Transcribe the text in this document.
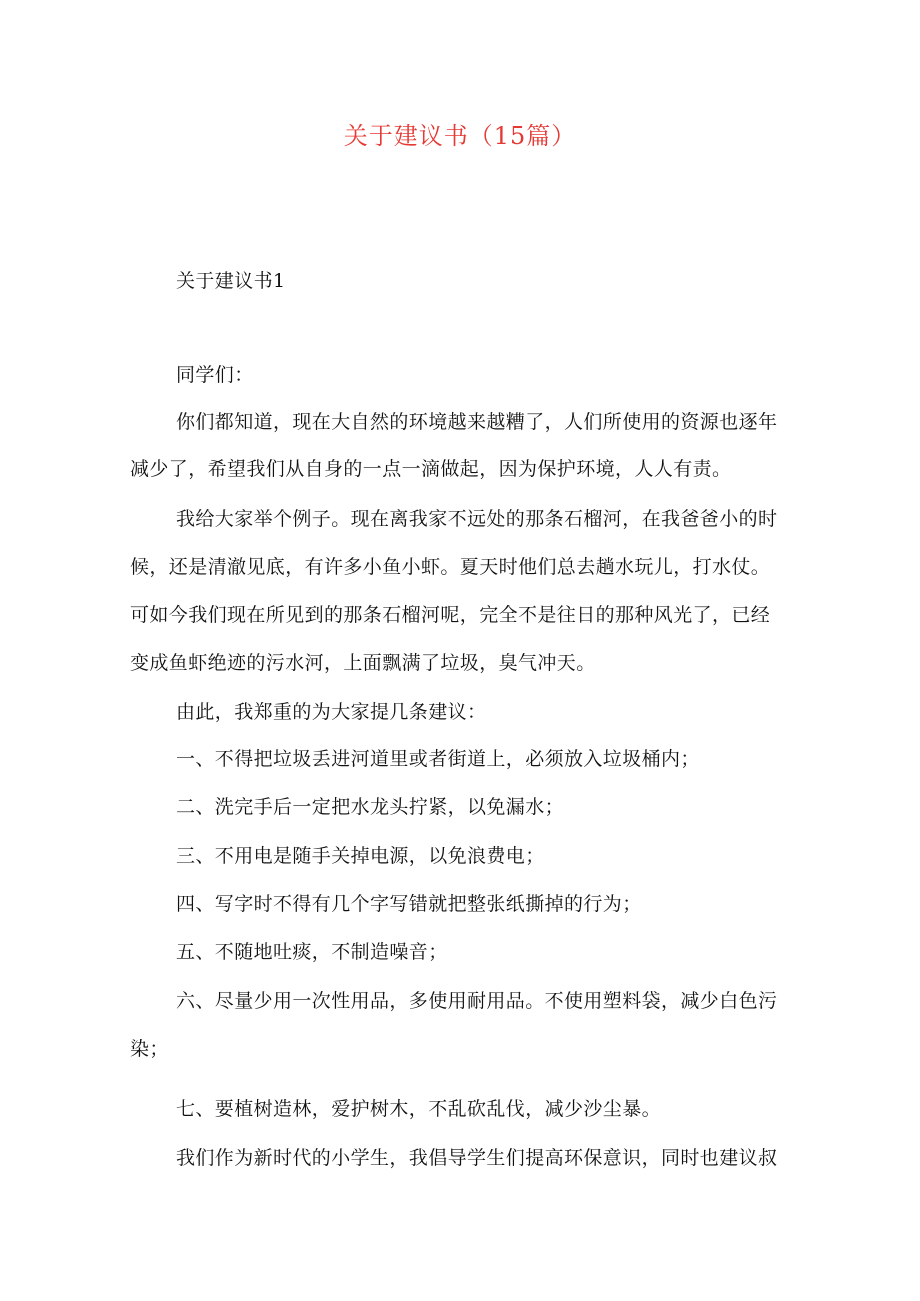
关于建议书（15篇）
关于建议书1
同学们：
你们都知道，现在大自然的环境越来越糟了，人们所使用的资源也逐年
减少了，希望我们从自身的一点一滴做起，因为保护环境，人人有责。
我给大家举个例子。现在离我家不远处的那条石榴河，在我爸爸小的时
候，还是清澈见底，有许多小鱼小虾。夏天时他们总去趟水玩儿，打水仗。
可如今我们现在所见到的那条石榴河呢，完全不是往日的那种风光了，已经
变成鱼虾绝迹的污水河，上面飘满了垃圾，臭气冲天。
由此，我郑重的为大家提几条建议：
一、不得把垃圾丢进河道里或者街道上，必须放入垃圾桶内；
二、洗完手后一定把水龙头拧紧，以免漏水；
三、不用电是随手关掉电源，以免浪费电；
四、写字时不得有几个字写错就把整张纸撕掉的行为；
五、不随地吐痰，不制造噪音；
六、尽量少用一次性用品，多使用耐用品。不使用塑料袋，减少白色污
染；
七、要植树造林，爱护树木，不乱砍乱伐，减少沙尘暴。
我们作为新时代的小学生，我倡导学生们提高环保意识，同时也建议叔
